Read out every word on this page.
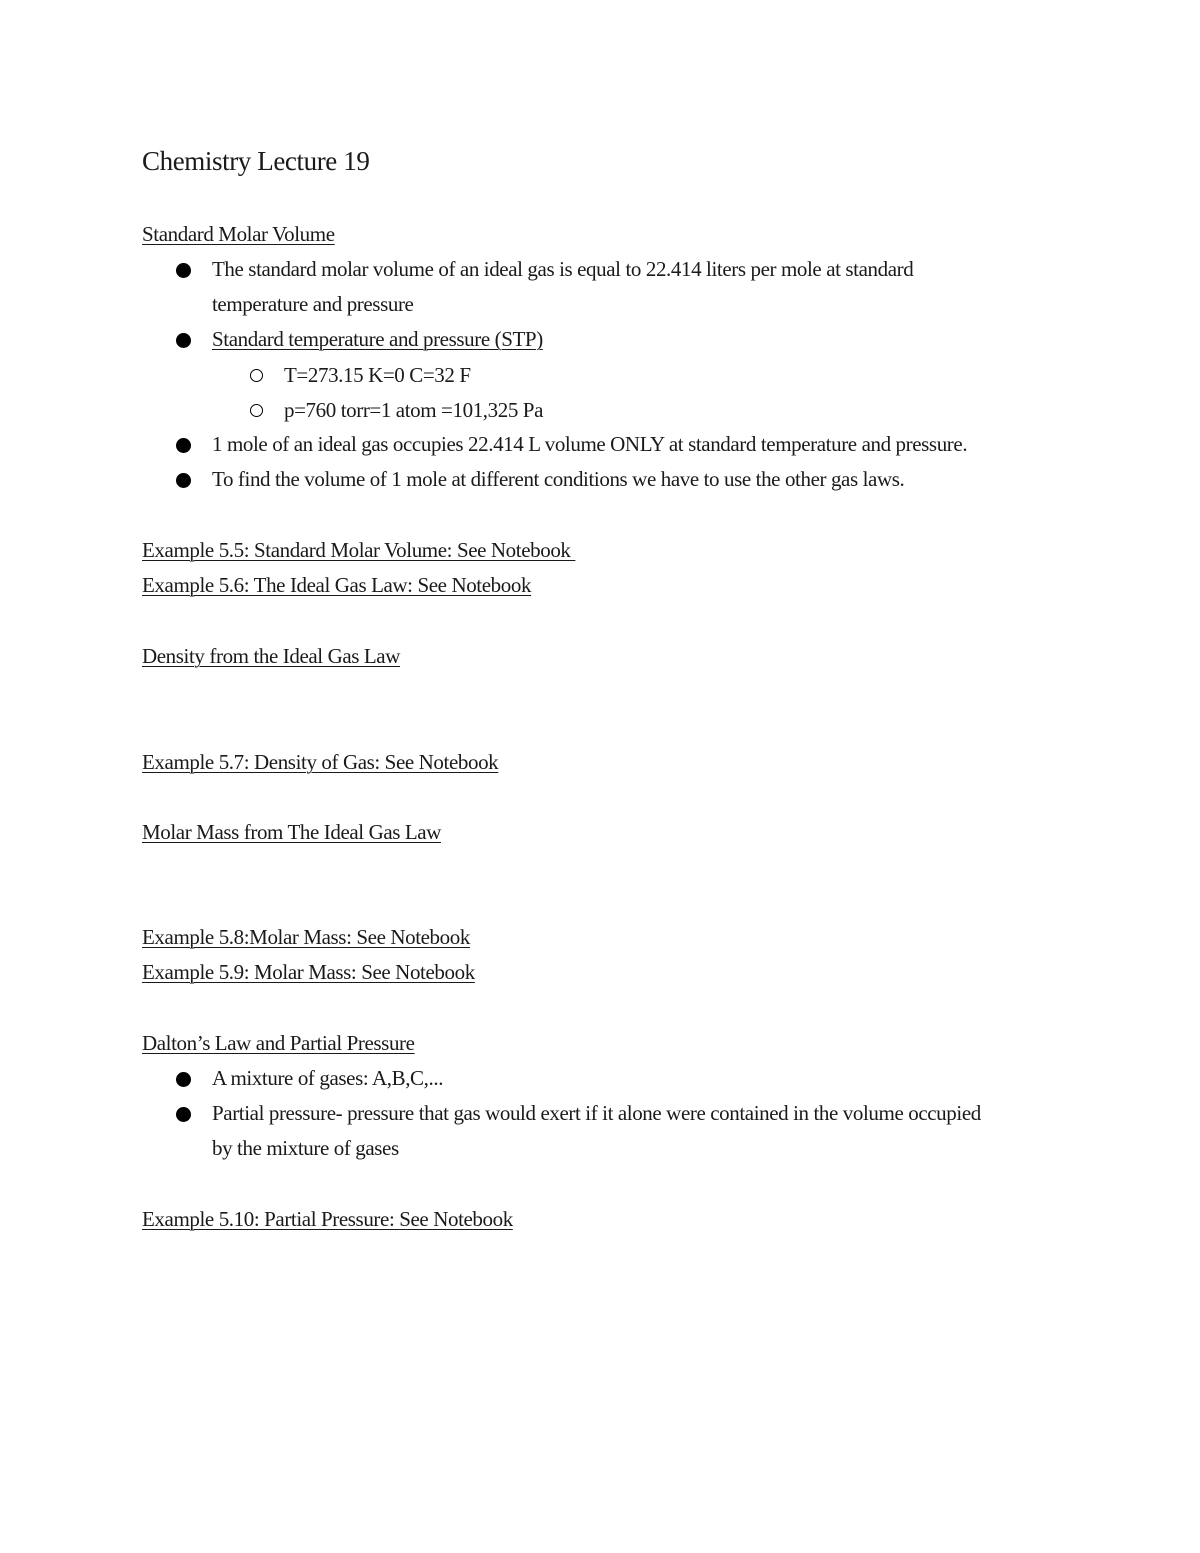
Chemistry Lecture 19
Standard Molar Volume
The standard molar volume of an ideal gas is equal to 22.414 liters per mole at standard
temperature and pressure
Standard temperature and pressure (STP)
T=273.15 K=0 C=32 F
p=760 torr=1 atom =101,325 Pa
1 mole of an ideal gas occupies 22.414 L volume ONLY at standard temperature and pressure.
To find the volume of 1 mole at different conditions we have to use the other gas laws.
Example 5.5: Standard Molar Volume: See Notebook
Example 5.6: The Ideal Gas Law: See Notebook
Density from the Ideal Gas Law
Example 5.7: Density of Gas: See Notebook
Molar Mass from The Ideal Gas Law
Example 5.8:Molar Mass: See Notebook
Example 5.9: Molar Mass: See Notebook
Dalton’s Law and Partial Pressure
A mixture of gases: A,B,C,...
Partial pressure- pressure that gas would exert if it alone were contained in the volume occupied
by the mixture of gases
Example 5.10: Partial Pressure: See Notebook
